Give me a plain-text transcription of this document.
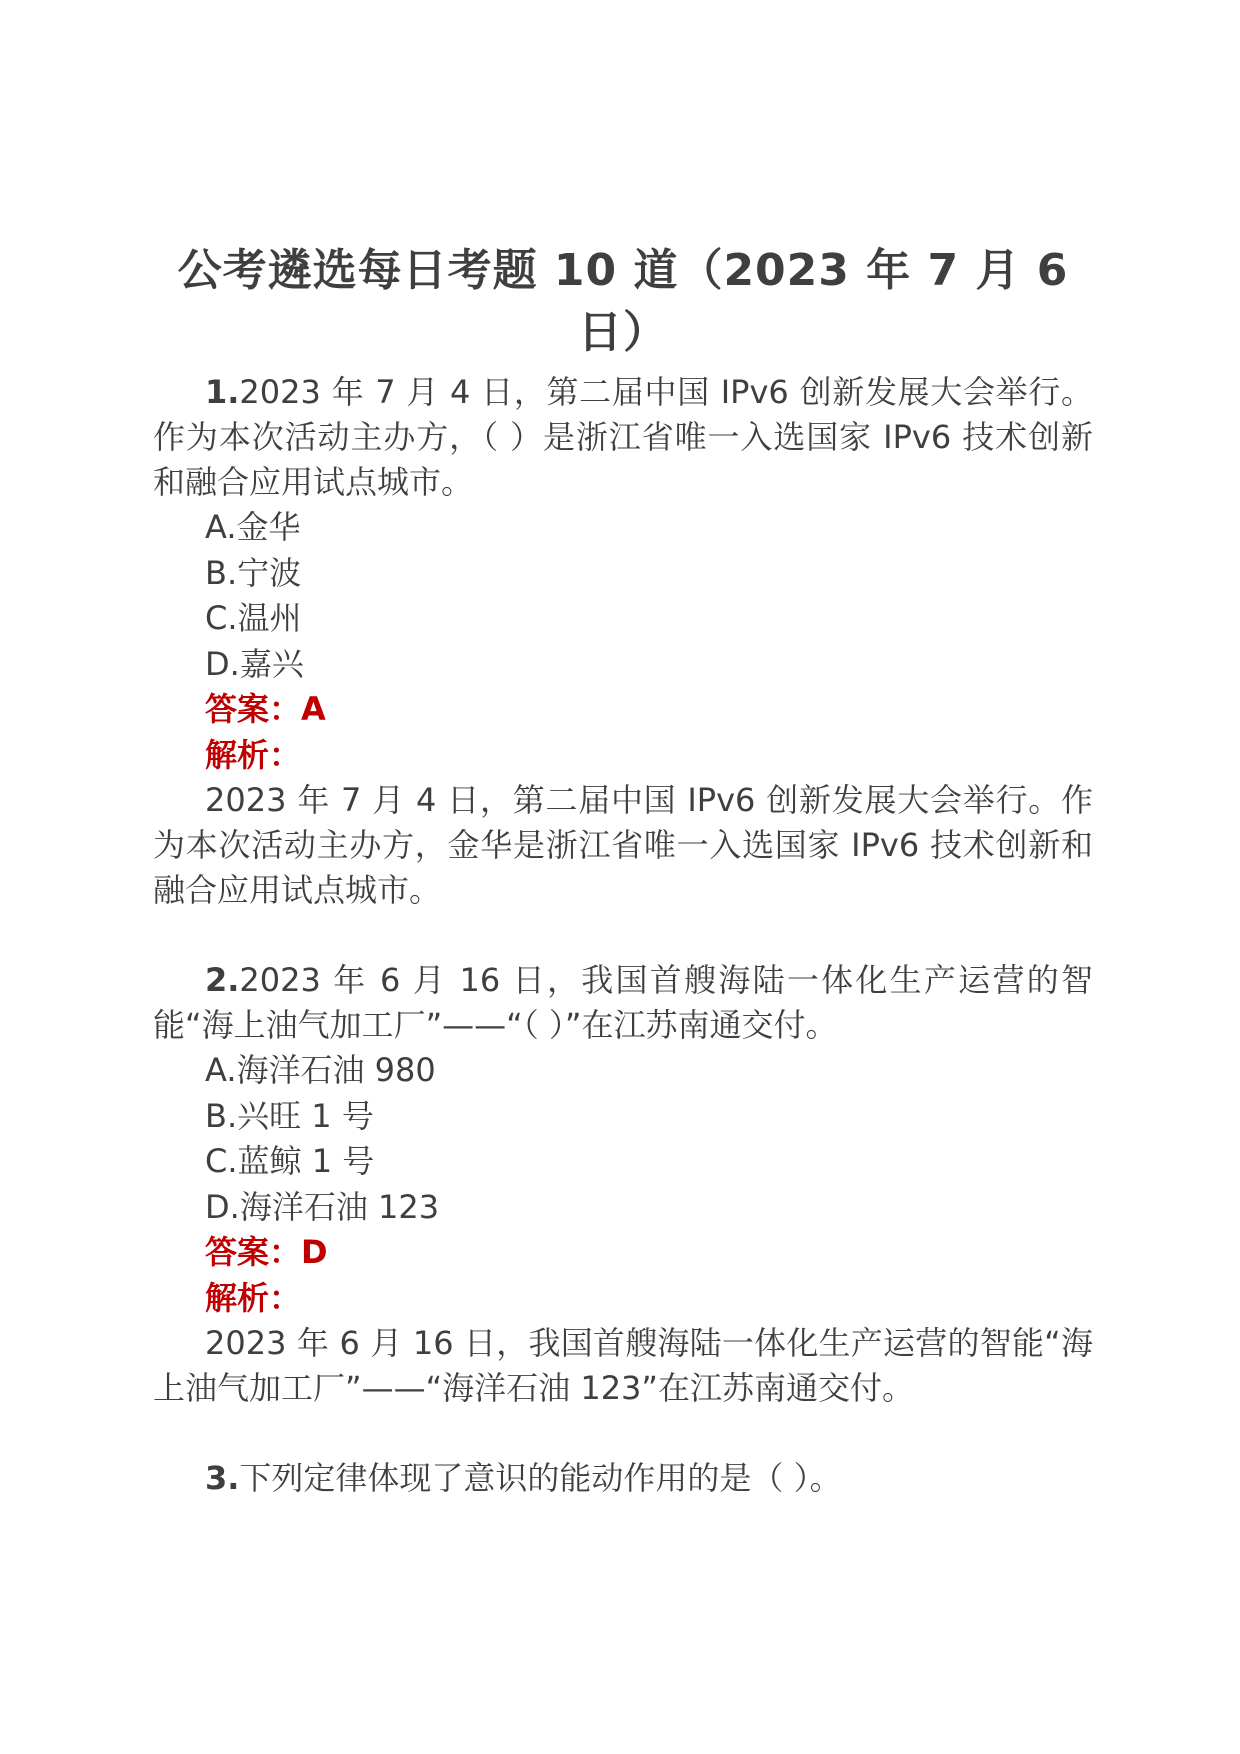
公考遴选每日考题 10 道（2023 年 7 月 6 日）

1.2023 年 7 月 4 日，第二届中国 IPv6 创新发展大会举行。作为本次活动主办方，（ ）是浙江省唯一入选国家 IPv6 技术创新和融合应用试点城市。

A.金华

B.宁波

C.温州

D.嘉兴

答案：A

解析：

2023 年 7 月 4 日，第二届中国 IPv6 创新发展大会举行。作为本次活动主办方，金华是浙江省唯一入选国家 IPv6 技术创新和融合应用试点城市。

2.2023 年 6 月 16 日，我国首艘海陆一体化生产运营的智能“海上油气加工厂”——“（ ）”在江苏南通交付。

A.海洋石油 980

B.兴旺 1 号

C.蓝鲸 1 号

D.海洋石油 123

答案：D

解析：

2023 年 6 月 16 日，我国首艘海陆一体化生产运营的智能“海上油气加工厂”——“海洋石油 123”在江苏南通交付。

3.下列定律体现了意识的能动作用的是（ ）。
